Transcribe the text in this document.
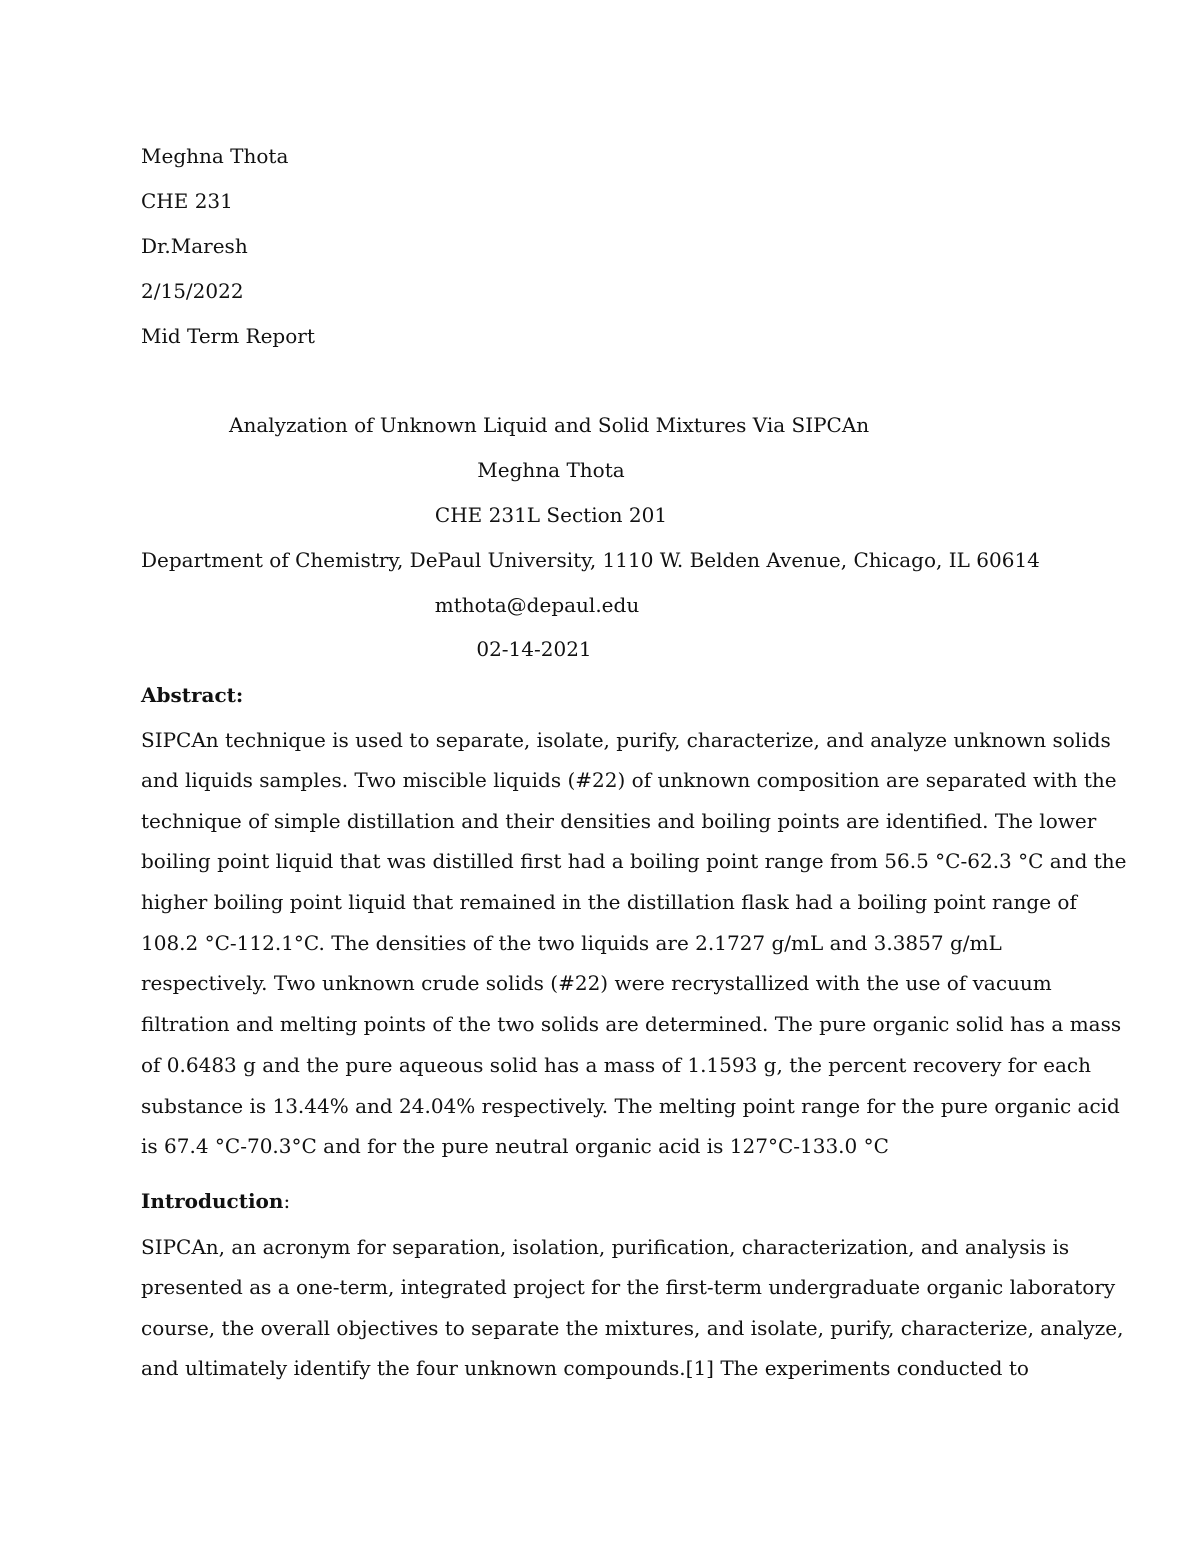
Meghna Thota
CHE 231
Dr.Maresh
2/15/2022
Mid Term Report
Analyzation of Unknown Liquid and Solid Mixtures Via SIPCAn
Meghna Thota
CHE 231L Section 201
Department of Chemistry, DePaul University, 1110 W. Belden Avenue, Chicago, IL 60614
mthota@depaul.edu
02-14-2021
Abstract:
SIPCAn technique is used to separate, isolate, purify, characterize, and analyze unknown solids
and liquids samples. Two miscible liquids (#22) of unknown composition are separated with the
technique of simple distillation and their densities and boiling points are identified. The lower
boiling point liquid that was distilled first had a boiling point range from 56.5 °C-62.3 °C and the
higher boiling point liquid that remained in the distillation flask had a boiling point range of
108.2 °C-112.1°C. The densities of the two liquids are 2.1727 g/mL and 3.3857 g/mL
respectively. Two unknown crude solids (#22) were recrystallized with the use of vacuum
filtration and melting points of the two solids are determined. The pure organic solid has a mass
of 0.6483 g and the pure aqueous solid has a mass of 1.1593 g, the percent recovery for each
substance is 13.44% and 24.04% respectively. The melting point range for the pure organic acid
is 67.4 °C-70.3°C and for the pure neutral organic acid is 127°C-133.0 °C
Introduction:
SIPCAn, an acronym for separation, isolation, purification, characterization, and analysis is
presented as a one-term, integrated project for the first-term undergraduate organic laboratory
course, the overall objectives to separate the mixtures, and isolate, purify, characterize, analyze,
and ultimately identify the four unknown compounds.[1] The experiments conducted to
